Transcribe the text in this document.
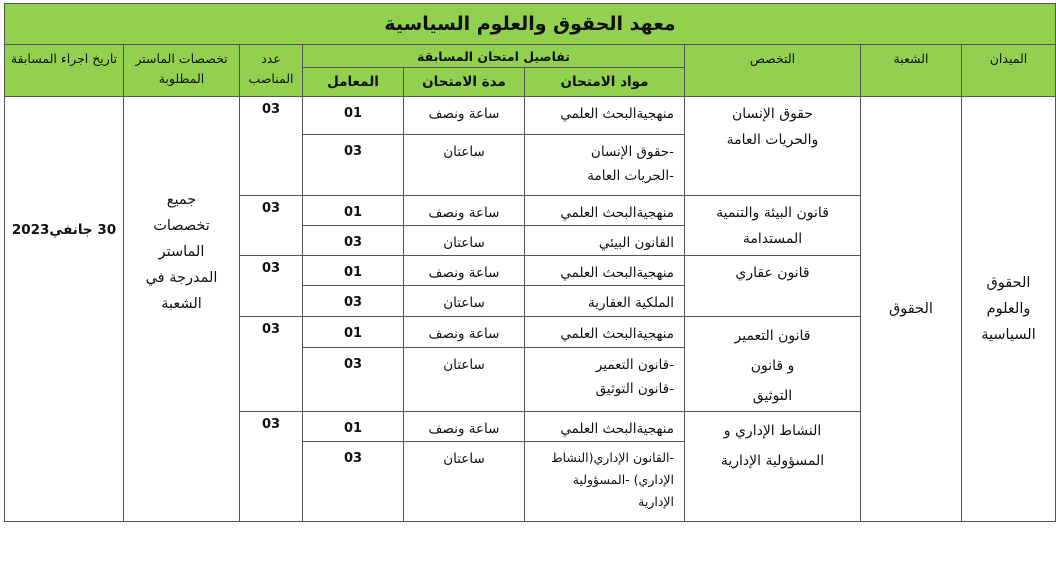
معهد الحقوق والعلوم السياسية								
الميدان	الشعبة	التخصص	تفاصيل امتحان المسابقة			عدد المناصب	تخصصات الماستر المطلوبة	تاريخ اجراء المسابقة
			مواد الامتحان	مدة الامتحان	المعامل			

الحقوق والعلوم السياسية	الحقوق	حقوق الإنسان والحريات العامة	منهجيةالبحث العلمي	ساعة ونصف	01	03	جميع تخصصات الماستر المدرجة في الشعبة	30 جانفي2023

			-حقوق الإنسان -الحريات العامة	ساعتان	03			

		قانون البيئة والتنمية المستدامة	منهجيةالبحث العلمي	ساعة ونصف	01	03		
			القانون البيئي	ساعتان	03			
		قانون عقاري	منهجيةالبحث العلمي	ساعة ونصف	01	03		
			الملكية العقارية	ساعتان	03			

		قانون التعمير و قانون التوثيق	منهجيةالبحث العلمي	ساعة ونصف	01	03		

			-قانون التعمير -قانون التوثيق	ساعتان	03			

		النشاط الإداري و المسؤولية الإدارية	منهجيةالبحث العلمي	ساعة ونصف	01	03		

			-القانون الإداري(النشاط الإداري) -المسؤولية الإدارية	ساعتان	03			
